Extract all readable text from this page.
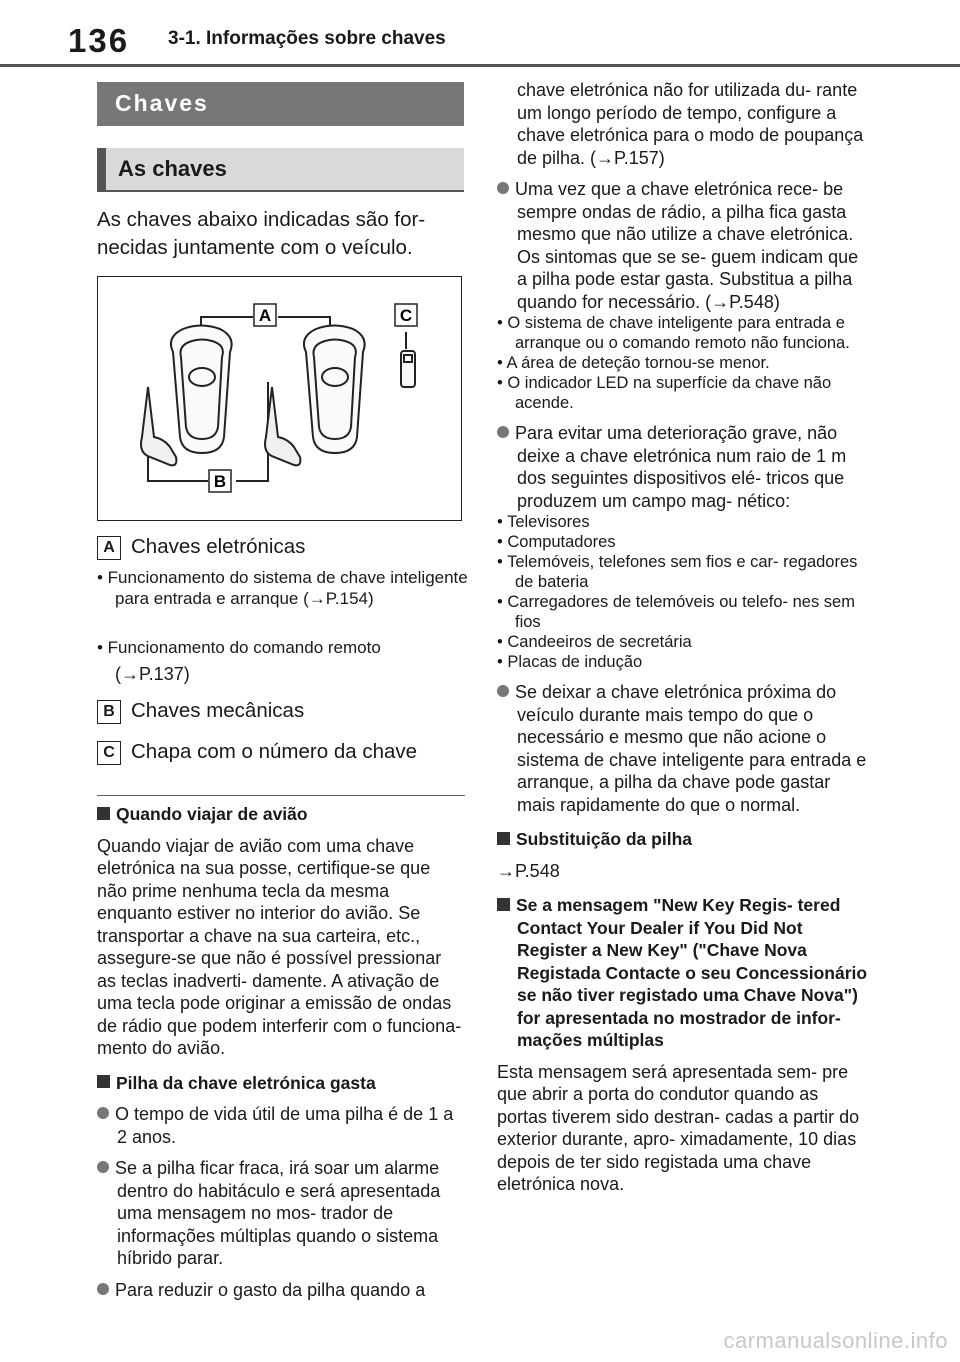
136 3-1. Informações sobre chaves
Chaves
As chaves
As chaves abaixo indicadas são for- necidas juntamente com o veículo.
A	C
B
A Chaves eletrónicas
• Funcionamento do sistema de chave inteligente para entrada e arranque (→P.154)
• Funcionamento do comando remoto
(→P.137)
B Chaves mecânicas
C Chapa com o número da chave
Quando viajar de avião
Quando viajar de avião com uma chave eletrónica na sua posse, certifique-se que não prime nenhuma tecla da mesma enquanto estiver no interior do avião. Se transportar a chave na sua carteira, etc., assegure-se que não é possível pressionar as teclas inadverti- damente. A ativação de uma tecla pode originar a emissão de ondas de rádio que podem interferir com o funciona- mento do avião.
Pilha da chave eletrónica gasta
O tempo de vida útil de uma pilha é de 1 a 2 anos.
Se a pilha ficar fraca, irá soar um alarme dentro do habitáculo e será apresentada uma mensagem no mos- trador de informações múltiplas quando o sistema híbrido parar.
Para reduzir o gasto da pilha quando a
chave eletrónica não for utilizada du- rante um longo período de tempo, configure a chave eletrónica para o modo de poupança de pilha. (→P.157)
Uma vez que a chave eletrónica rece- be sempre ondas de rádio, a pilha fica gasta mesmo que não utilize a chave eletrónica. Os sintomas que se se- guem indicam que a pilha pode estar gasta. Substitua a pilha quando for necessário. (→P.548)
• O sistema de chave inteligente para entrada e arranque ou o comando remoto não funciona.
• A área de deteção tornou-se menor.
• O indicador LED na superfície da chave não acende.
Para evitar uma deterioração grave, não deixe a chave eletrónica num raio de 1 m dos seguintes dispositivos elé- tricos que produzem um campo mag- nético:
• Televisores
• Computadores
• Telemóveis, telefones sem fios e car- regadores de bateria
• Carregadores de telemóveis ou telefo- nes sem fios
• Candeeiros de secretária
• Placas de indução
Se deixar a chave eletrónica próxima do veículo durante mais tempo do que o necessário e mesmo que não acione o sistema de chave inteligente para entrada e arranque, a pilha da chave pode gastar mais rapidamente do que o normal.
Substituição da pilha
→P.548
Se a mensagem "New Key Regis- tered Contact Your Dealer if You Did Not Register a New Key" ("Chave Nova Registada Contacte o seu Concessionário se não tiver registado uma Chave Nova") for apresentada no mostrador de infor- mações múltiplas
Esta mensagem será apresentada sem- pre que abrir a porta do condutor quando as portas tiverem sido destran- cadas a partir do exterior durante, apro- ximadamente, 10 dias depois de ter sido registada uma chave eletrónica nova.
carmanualsonline.info
